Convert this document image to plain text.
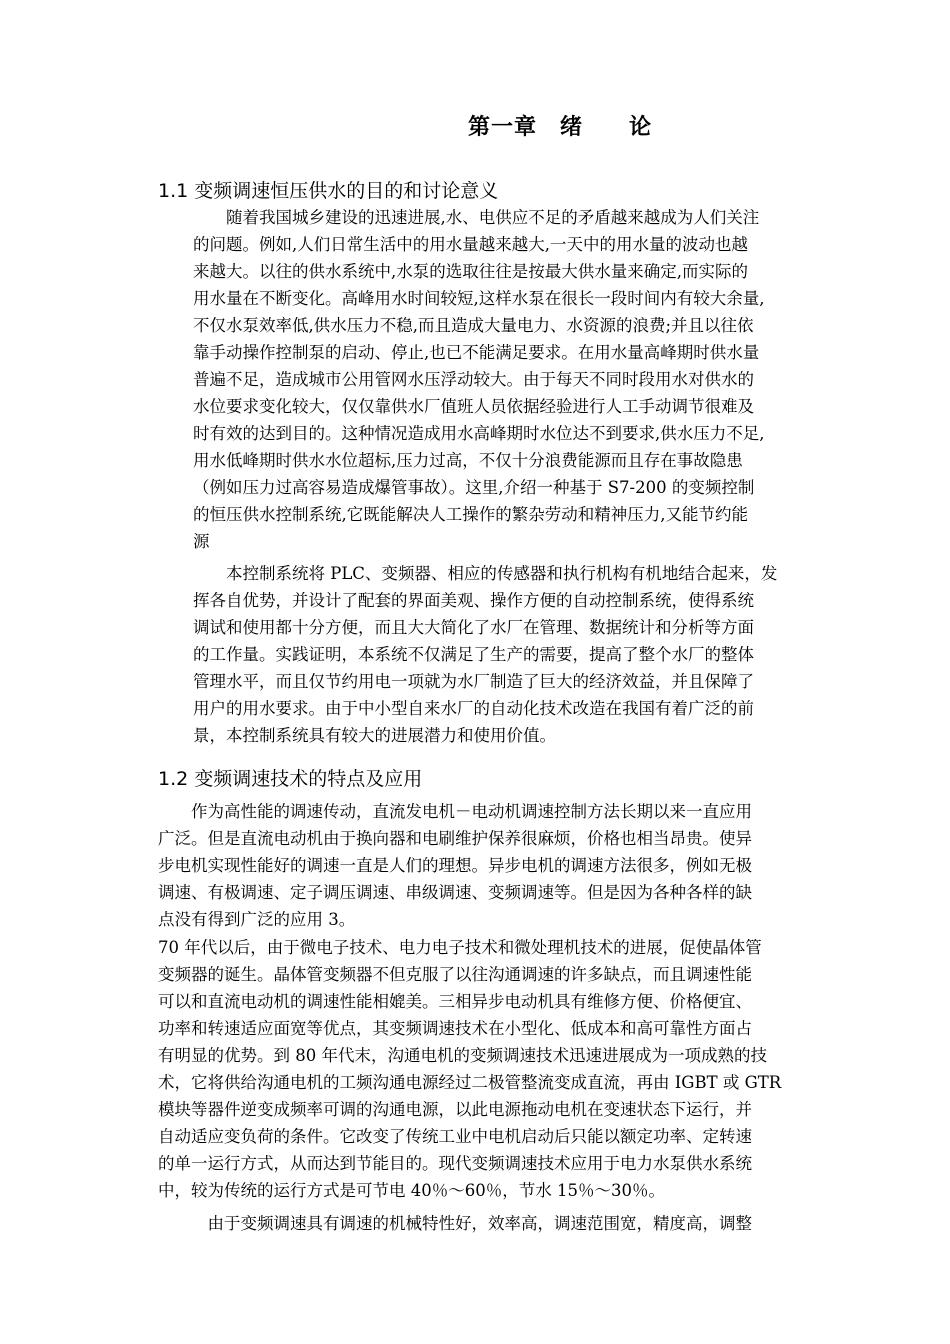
第一章　绪　　论
1.1 变频调速恒压供水的目的和讨论意义
　　随着我国城乡建设的迅速进展,水、电供应不足的矛盾越来越成为人们关注
的问题。例如,人们日常生活中的用水量越来越大,一天中的用水量的波动也越
来越大。以往的供水系统中,水泵的选取往往是按最大供水量来确定,而实际的
用水量在不断变化。高峰用水时间较短,这样水泵在很长一段时间内有较大余量,
不仅水泵效率低,供水压力不稳,而且造成大量电力、水资源的浪费;并且以往依
靠手动操作控制泵的启动、停止,也已不能满足要求。在用水量高峰期时供水量
普遍不足，造成城市公用管网水压浮动较大。由于每天不同时段用水对供水的
水位要求变化较大，仅仅靠供水厂值班人员依据经验进行人工手动调节很难及
时有效的达到目的。这种情况造成用水高峰期时水位达不到要求,供水压力不足,
用水低峰期时供水水位超标,压力过高，不仅十分浪费能源而且存在事故隐患
（例如压力过高容易造成爆管事故）。这里,介绍一种基于 S7-200 的变频控制
的恒压供水控制系统,它既能解决人工操作的繁杂劳动和精神压力,又能节约能
源
　　本控制系统将 PLC、变频器、相应的传感器和执行机构有机地结合起来，发
挥各自优势，并设计了配套的界面美观、操作方便的自动控制系统，使得系统
调试和使用都十分方便，而且大大简化了水厂在管理、数据统计和分析等方面
的工作量。实践证明，本系统不仅满足了生产的需要，提高了整个水厂的整体
管理水平，而且仅节约用电一项就为水厂制造了巨大的经济效益，并且保障了
用户的用水要求。由于中小型自来水厂的自动化技术改造在我国有着广泛的前
景，本控制系统具有较大的进展潜力和使用价值。
1.2 变频调速技术的特点及应用
　　作为高性能的调速传动，直流发电机－电动机调速控制方法长期以来一直应用
广泛。但是直流电动机由于换向器和电刷维护保养很麻烦，价格也相当昂贵。使异
步电机实现性能好的调速一直是人们的理想。异步电机的调速方法很多，例如无极
调速、有极调速、定子调压调速、串级调速、变频调速等。但是因为各种各样的缺
点没有得到广泛的应用 3。
70 年代以后，由于微电子技术、电力电子技术和微处理机技术的进展，促使晶体管
变频器的诞生。晶体管变频器不但克服了以往沟通调速的许多缺点，而且调速性能
可以和直流电动机的调速性能相媲美。三相异步电动机具有维修方便、价格便宜、
功率和转速适应面宽等优点，其变频调速技术在小型化、低成本和高可靠性方面占
有明显的优势。到 80 年代末，沟通电机的变频调速技术迅速进展成为一项成熟的技
术，它将供给沟通电机的工频沟通电源经过二极管整流变成直流，再由 IGBT 或 GTR
模块等器件逆变成频率可调的沟通电源，以此电源拖动电机在变速状态下运行，并
自动适应变负荷的条件。它改变了传统工业中电机启动后只能以额定功率、定转速
的单一运行方式，从而达到节能目的。现代变频调速技术应用于电力水泵供水系统
中，较为传统的运行方式是可节电 40％～60％，节水 15％～30％。
　　　由于变频调速具有调速的机械特性好，效率高，调速范围宽，精度高，调整
